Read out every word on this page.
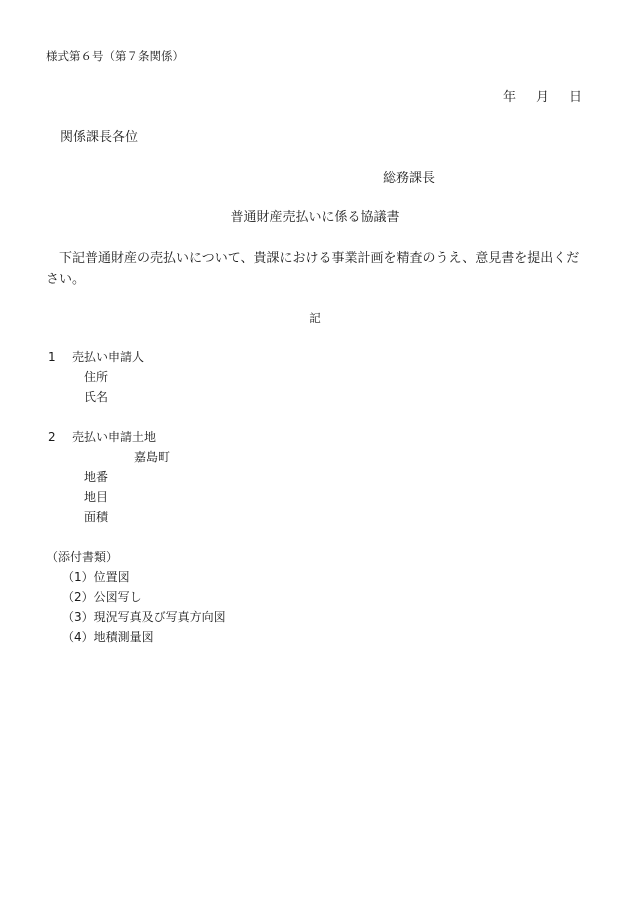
様式第６号（第７条関係）
年 月 日
関係課長各位
総務課長
普通財産売払いに係る協議書
下記普通財産の売払いについて、貴課における事業計画を精査のうえ、意見書を提出ください。
記
1 売払い申請人
住所
氏名
2 売払い申請土地
嘉島町
地番
地目
面積
（添付書類）
（1）位置図
（2）公図写し
（3）現況写真及び写真方向図
（4）地積測量図
